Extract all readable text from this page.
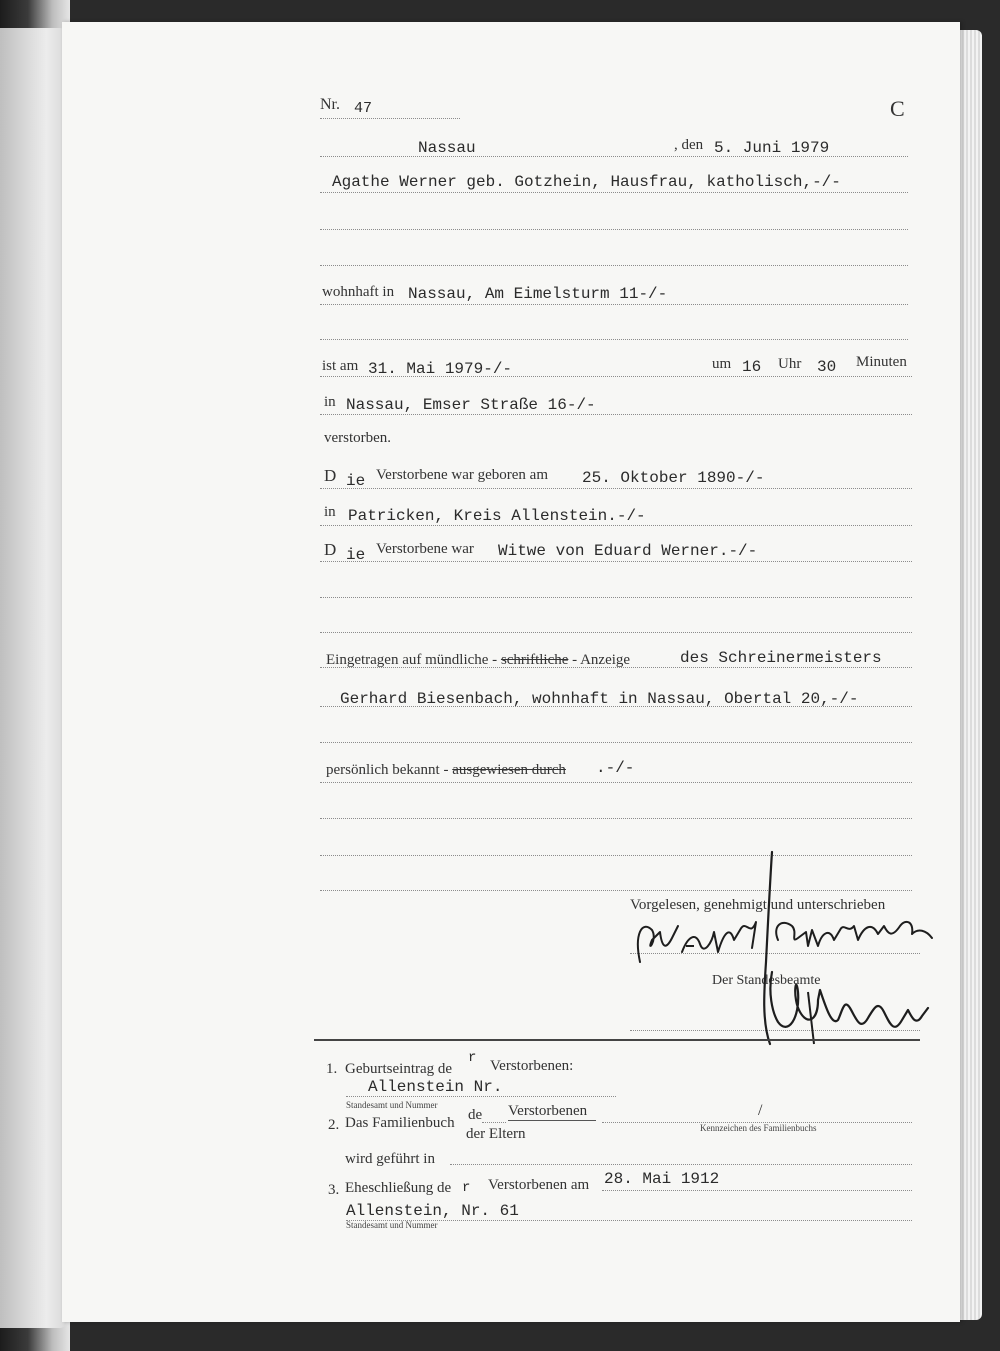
Nr. 47	C
Nassau	, den 5. Juni 1979
Agathe Werner geb. Gotzhein, Hausfrau, katholisch,-/-
wohnhaft in Nassau, Am Eimelsturm 11-/-
ist am 31. Mai 1979-/-	um 16 Uhr 30 Minuten
in Nassau, Emser Straße 16-/-
verstorben.
D ie Verstorbene war geboren am 25. Oktober 1890-/-
in Patricken, Kreis Allenstein.-/-
D ie Verstorbene war Witwe von Eduard Werner.-/-
Eingetragen auf mündliche - schriftliche - Anzeige	des Schreinermeisters
Gerhard Biesenbach, wohnhaft in Nassau, Obertal 20,-/-
persönlich bekannt - ausgewiesen durch .-/-
Vorgelesen, genehmigt und unterschrieben
Der Standesbeamte
1. Geburtseintrag de
r Verstorbenen:
Allenstein Nr.
Standesamt und Nummer
2. Das Familienbuch de Verstorbenen
der Eltern
/
Kennzeichen des Familienbuchs
wird geführt in
3. Eheschließung de r Verstorbenen am 28. Mai 1912
Allenstein, Nr. 61
Standesamt und Nummer
